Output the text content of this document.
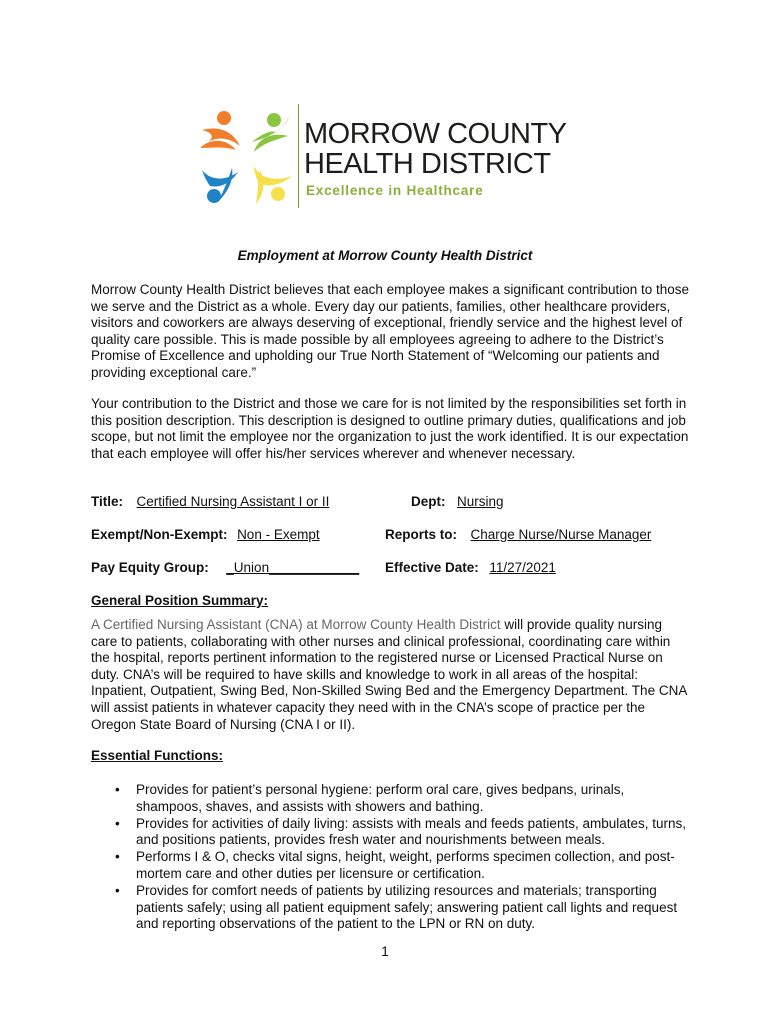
MORROW COUNTY
HEALTH DISTRICT
Excellence in Healthcare
Employment at Morrow County Health District

Morrow County Health District believes that each employee makes a significant contribution to those we serve and the District as a whole. Every day our patients, families, other healthcare providers, visitors and coworkers are always deserving of exceptional, friendly service and the highest level of quality care possible. This is made possible by all employees agreeing to adhere to the District’s Promise of Excellence and upholding our True North Statement of “Welcoming our patients and providing exceptional care.”

Your contribution to the District and those we care for is not limited by the responsibilities set forth in this position description. This description is designed to outline primary duties, qualifications and job scope, but not limit the employee nor the organization to just the work identified. It is our expectation that each employee will offer his/her services wherever and whenever necessary.

Title: Certified Nursing Assistant I or II	Dept: Nursing
Exempt/Non-Exempt: Non - Exempt	Reports to: Charge Nurse/Nurse Manager
Pay Equity Group: _Union____________ Effective Date: 11/27/2021
General Position Summary:

A Certified Nursing Assistant (CNA) at Morrow County Health District will provide quality nursing care to patients, collaborating with other nurses and clinical professional, coordinating care within the hospital, reports pertinent information to the registered nurse or Licensed Practical Nurse on duty. CNA’s will be required to have skills and knowledge to work in all areas of the hospital: Inpatient, Outpatient, Swing Bed, Non-Skilled Swing Bed and the Emergency Department. The CNA will assist patients in whatever capacity they need with in the CNA’s scope of practice per the Oregon State Board of Nursing (CNA I or II).

Essential Functions:
• Provides for patient’s personal hygiene: perform oral care, gives bedpans, urinals, shampoos, shaves, and assists with showers and bathing.
• Provides for activities of daily living: assists with meals and feeds patients, ambulates, turns, and positions patients, provides fresh water and nourishments between meals.
• Performs I & O, checks vital signs, height, weight, performs specimen collection, and post-mortem care and other duties per licensure or certification.
• Provides for comfort needs of patients by utilizing resources and materials; transporting patients safely; using all patient equipment safely; answering patient call lights and request and reporting observations of the patient to the LPN or RN on duty.
1
